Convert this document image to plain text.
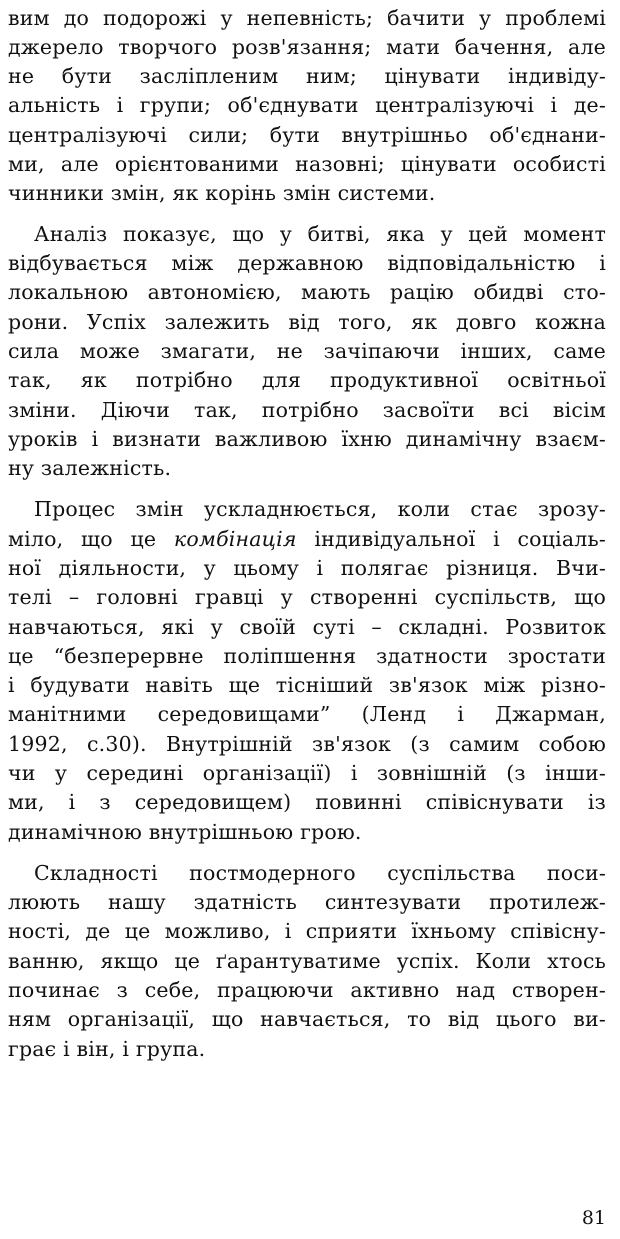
вим до подорожі у непевність; бачити у проблемі
джерело творчого розв'язання; мати бачення, але
не бути засліпленим ним; цінувати індивіду-
альність і групи; об'єднувати централізуючі і де-
централізуючі сили; бути внутрішньо об'єднани-
ми, але орієнтованими назовні; цінувати особисті
чинники змін, як корінь змін системи.
Аналіз показує, що у битві, яка у цей момент
відбувається між державною відповідальністю і
локальною автономією, мають рацію обидві сто-
рони. Успіх залежить від того, як довго кожна
сила може змагати, не зачіпаючи інших, саме
так, як потрібно для продуктивної освітньої
зміни. Діючи так, потрібно засвоїти всі вісім
уроків і визнати важливою їхню динамічну взаєм-
ну залежність.
Процес змін ускладнюється, коли стає зрозу-
міло, що це комбінація індивідуальної і соціаль-
ної діяльности, у цьому і полягає різниця. Вчи-
телі – головні гравці у створенні суспільств, що
навчаються, які у своїй суті – складні. Розвиток
це “безперервне поліпшення здатности зростати
і будувати навіть ще тісніший зв'язок між різно-
манітними середовищами” (Ленд і Джарман,
1992, с.30). Внутрішній зв'язок (з самим собою
чи у середині організації) і зовнішній (з інши-
ми, і з середовищем) повинні співіснувати із
динамічною внутрішньою грою.
Складності постмодерного суспільства поси-
люють нашу здатність синтезувати протилеж-
ності, де це можливо, і сприяти їхньому співісну-
ванню, якщо це ґарантуватиме успіх. Коли хтось
починає з себе, працюючи активно над створен-
ням організації, що навчається, то від цього ви-
грає і він, і група.
81
